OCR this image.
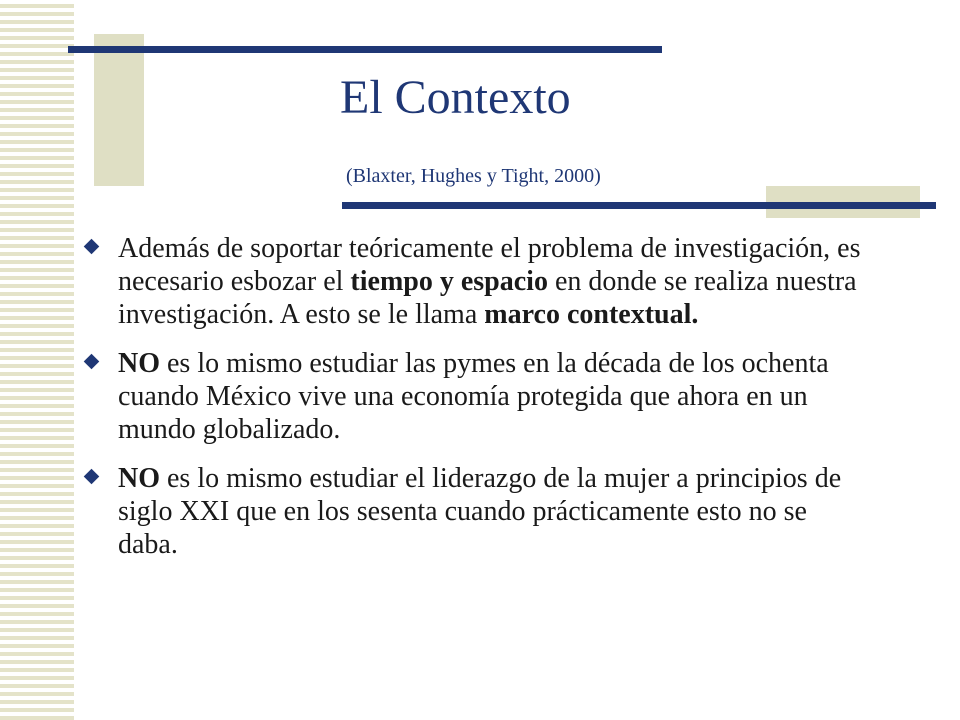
El Contexto

(Blaxter, Hughes y Tight, 2000)

Además de soportar teóricamente el problema de investigación, es necesario esbozar el tiempo y espacio en donde se realiza nuestra investigación. A esto se le llama marco contextual.
NO es lo mismo estudiar las pymes en la década de los ochenta cuando México vive una economía protegida que ahora en un mundo globalizado.
NO es lo mismo estudiar el liderazgo de la mujer a principios de siglo XXI que en los sesenta cuando prácticamente esto no se daba.
